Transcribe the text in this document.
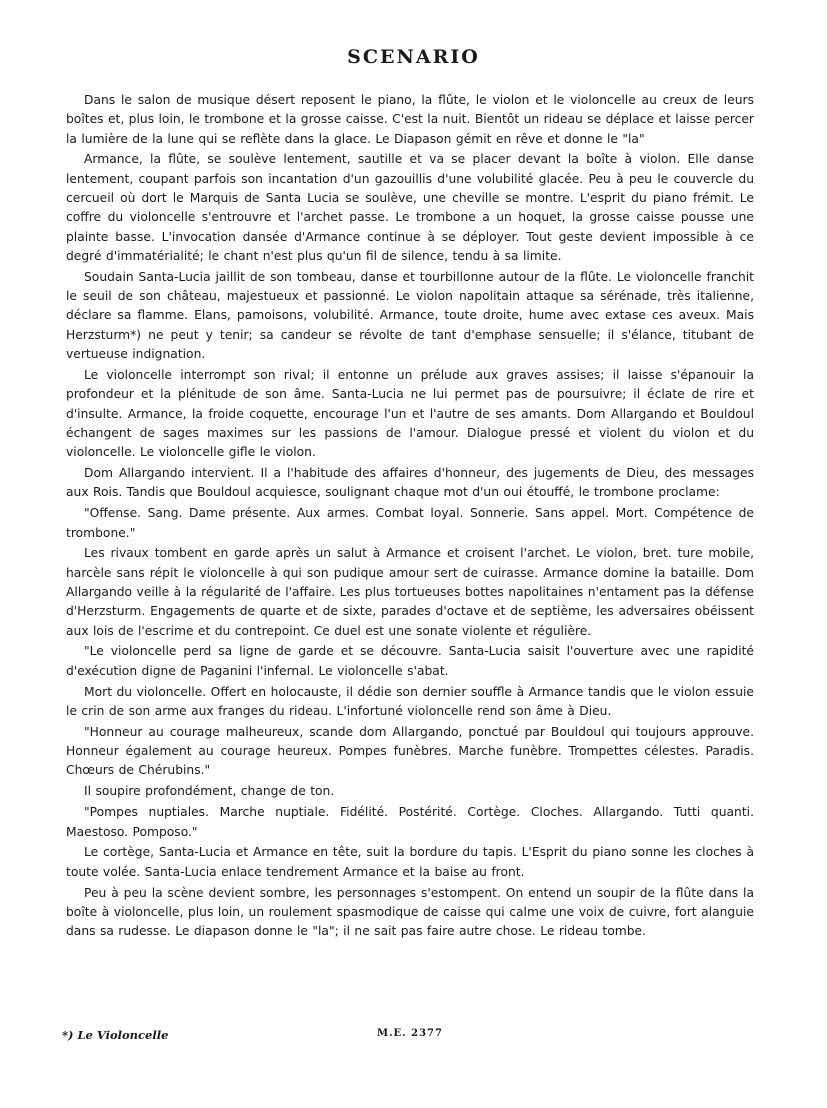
SCENARIO

Dans le salon de musique désert reposent le piano, la flûte, le violon et le violoncelle au creux de leurs boîtes et, plus loin, le trombone et la grosse caisse. C'est la nuit. Bientôt un rideau se déplace et laisse percer la lumière de la lune qui se reflète dans la glace. Le Diapason gémit en rêve et donne le "la"

Armance, la flûte, se soulève lentement, sautille et va se placer devant la boîte à violon. Elle danse lentement, coupant parfois son incantation d'un gazouillis d'une volubilité glacée. Peu à peu le couvercle du cercueil où dort le Marquis de Santa Lucia se soulève, une cheville se montre. L'esprit du piano frémit. Le coffre du violoncelle s'entrouvre et l'archet passe. Le trombone a un hoquet, la grosse caisse pousse une plainte basse. L'invocation dansée d'Armance continue à se déployer. Tout geste devient impossible à ce degré d'immatérialité; le chant n'est plus qu'un fil de silence, tendu à sa limite.

Soudain Santa-Lucia jaillit de son tombeau, danse et tourbillonne autour de la flûte. Le violoncelle franchit le seuil de son château, majestueux et passionné. Le violon napolitain attaque sa sérénade, très italienne, déclare sa flamme. Elans, pamoisons, volubilité. Armance, toute droite, hume avec extase ces aveux. Mais Herzsturm*) ne peut y tenir; sa candeur se révolte de tant d'emphase sensuelle; il s'élance, titubant de vertueuse indignation.

Le violoncelle interrompt son rival; il entonne un prélude aux graves assises; il laisse s'épanouir la profondeur et la plénitude de son âme. Santa-Lucia ne lui permet pas de poursuivre; il éclate de rire et d'insulte. Armance, la froide coquette, encourage l'un et l'autre de ses amants. Dom Allargando et Bouldoul échangent de sages maximes sur les passions de l'amour. Dialogue pressé et violent du violon et du violoncelle. Le violoncelle gifle le violon.

Dom Allargando intervient. Il a l'habitude des affaires d'honneur, des jugements de Dieu, des messages aux Rois. Tandis que Bouldoul acquiesce, soulignant chaque mot d'un oui étouffé, le trombone proclame:

"Offense. Sang. Dame présente. Aux armes. Combat loyal. Sonnerie. Sans appel. Mort. Compétence de trombone."

Les rivaux tombent en garde après un salut à Armance et croisent l'archet. Le violon, bret. ture mobile, harcèle sans répit le violoncelle à qui son pudique amour sert de cuirasse. Armance domine la bataille. Dom Allargando veille à la régularité de l'affaire. Les plus tortueuses bottes napolitaines n'entament pas la défense d'Herzsturm. Engagements de quarte et de sixte, parades d'octave et de septième, les adversaires obéissent aux lois de l'escrime et du contrepoint. Ce duel est une sonate violente et régulière.

"Le violoncelle perd sa ligne de garde et se découvre. Santa-Lucia saisit l'ouverture avec une rapidité d'exécution digne de Paganini l'infernal. Le violoncelle s'abat.

Mort du violoncelle. Offert en holocauste, il dédie son dernier souffle à Armance tandis que le violon essuie le crin de son arme aux franges du rideau. L'infortuné violoncelle rend son âme à Dieu.

"Honneur au courage malheureux, scande dom Allargando, ponctué par Bouldoul qui toujours approuve. Honneur également au courage heureux. Pompes funèbres. Marche funèbre. Trompettes célestes. Paradis. Chœurs de Chérubins."

Il soupire profondément, change de ton.

"Pompes nuptiales. Marche nuptiale. Fidélité. Postérité. Cortège. Cloches. Allargando. Tutti quanti. Maestoso. Pomposo."

Le cortège, Santa-Lucia et Armance en tête, suit la bordure du tapis. L'Esprit du piano sonne les cloches à toute volée. Santa-Lucia enlace tendrement Armance et la baise au front.

Peu à peu la scène devient sombre, les personnages s'estompent. On entend un soupir de la flûte dans la boîte à violoncelle, plus loin, un roulement spasmodique de caisse qui calme une voix de cuivre, fort alanguie dans sa rudesse. Le diapason donne le "la"; il ne sait pas faire autre chose. Le rideau tombe.

*) Le Violoncelle	M.E. 2377
